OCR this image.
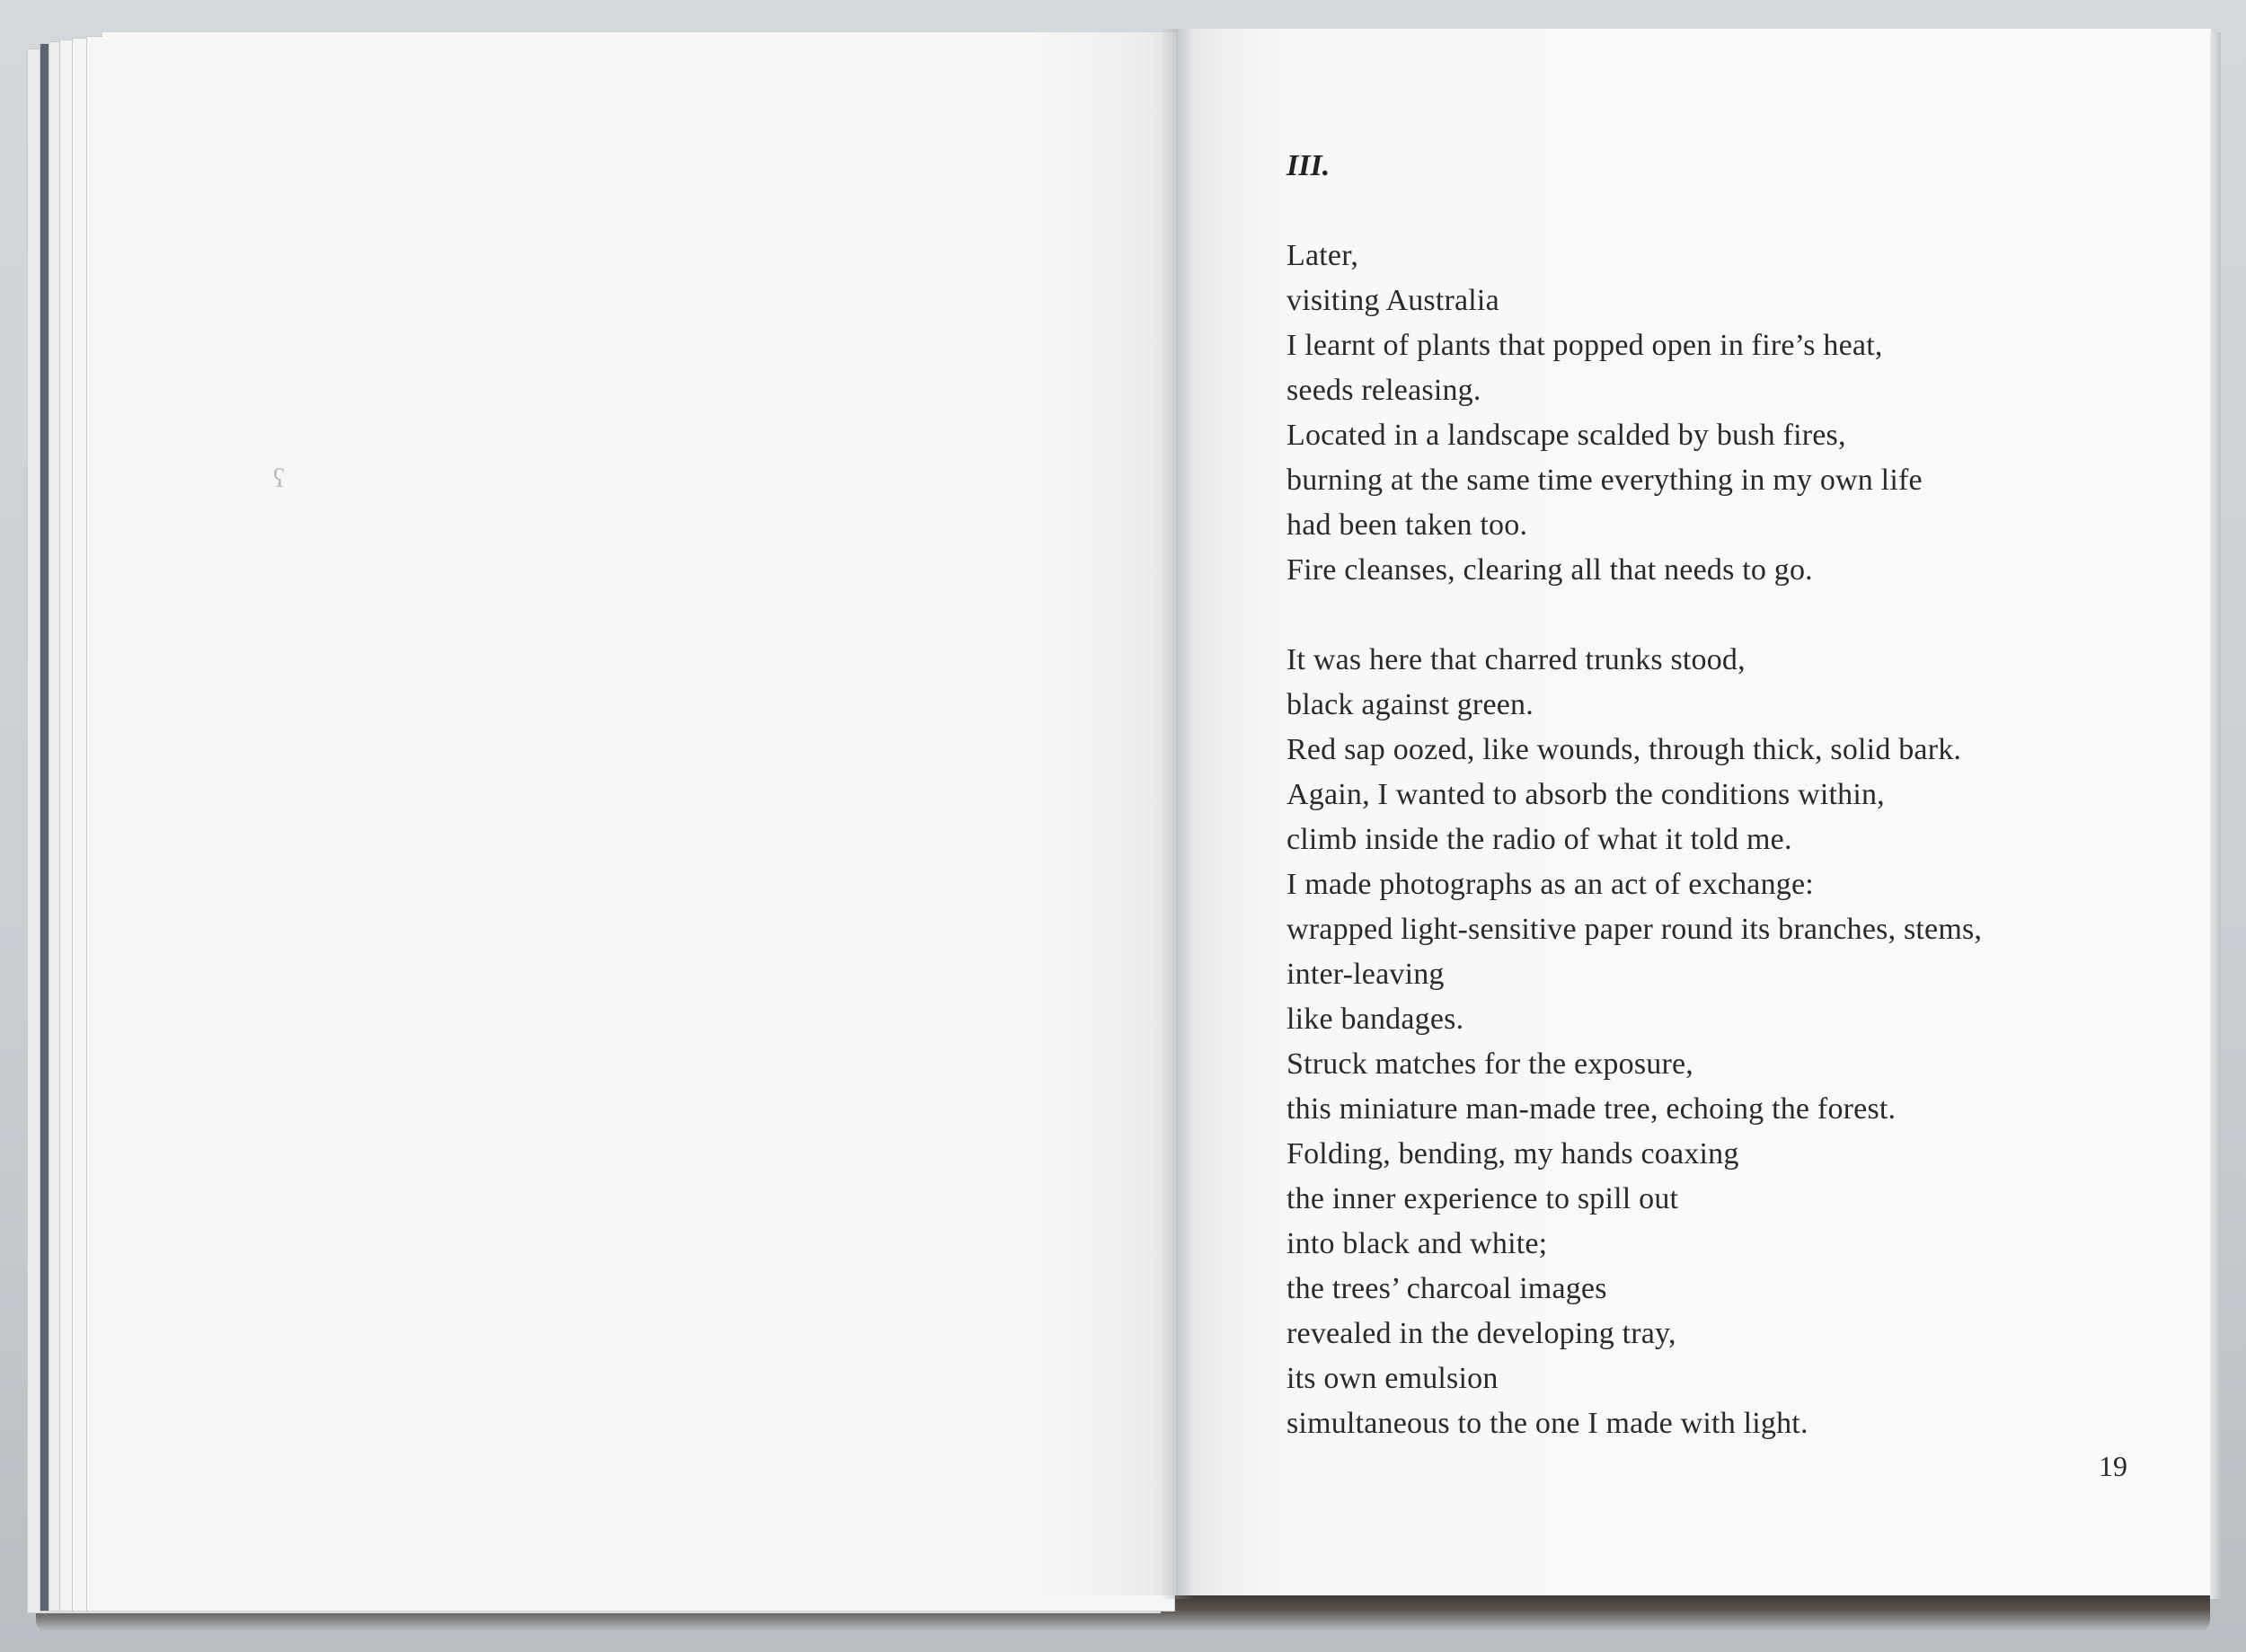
ʕ
III.
Later,
visiting Australia
I learnt of plants that popped open in fire’s heat,
seeds releasing.
Located in a landscape scalded by bush fires,
burning at the same time everything in my own life
had been taken too.
Fire cleanses, clearing all that needs to go.
It was here that charred trunks stood,
black against green.
Red sap oozed, like wounds, through thick, solid bark.
Again, I wanted to absorb the conditions within,
climb inside the radio of what it told me.
I made photographs as an act of exchange:
wrapped light-sensitive paper round its branches, stems,
inter-leaving
like bandages.
Struck matches for the exposure,
this miniature man-made tree, echoing the forest.
Folding, bending, my hands coaxing
the inner experience to spill out
into black and white;
the trees’ charcoal images
revealed in the developing tray,
its own emulsion
simultaneous to the one I made with light.
19
